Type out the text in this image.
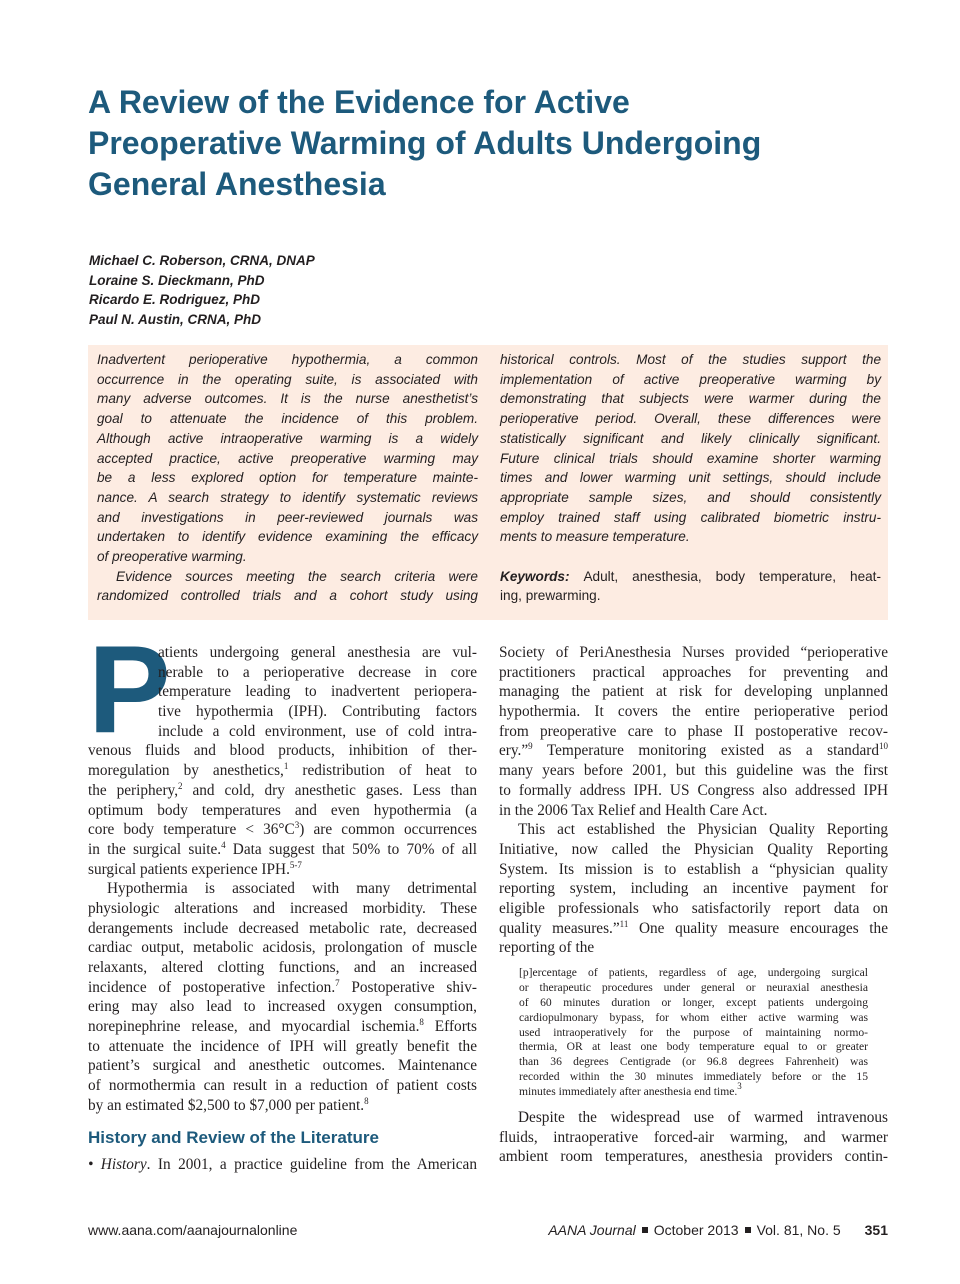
A Review of the Evidence for Active
Preoperative Warming of Adults Undergoing
General Anesthesia
Michael C. Roberson, CRNA, DNAP
Loraine S. Dieckmann, PhD
Ricardo E. Rodriguez, PhD
Paul N. Austin, CRNA, PhD
Inadvertent perioperative hypothermia, a common
occurrence in the operating suite, is associated with
many adverse outcomes. It is the nurse anesthetist’s
goal to attenuate the incidence of this problem.
Although active intraoperative warming is a widely
accepted practice, active preoperative warming may
be a less explored option for temperature mainte-
nance. A search strategy to identify systematic reviews
and investigations in peer-reviewed journals was
undertaken to identify evidence examining the efficacy
of preoperative warming.
Evidence sources meeting the search criteria were
randomized controlled trials and a cohort study using
historical controls. Most of the studies support the
implementation of active preoperative warming by
demonstrating that subjects were warmer during the
perioperative period. Overall, these differences were
statistically significant and likely clinically significant.
Future clinical trials should examine shorter warming
times and lower warming unit settings, should include
appropriate sample sizes, and should consistently
employ trained staff using calibrated biometric instru-
ments to measure temperature.
Keywords: Adult, anesthesia, body temperature, heat-
ing, prewarming.
P
atients undergoing general anesthesia are vul-
nerable to a perioperative decrease in core
temperature leading to inadvertent periopera-
tive hypothermia (IPH). Contributing factors
include a cold environment, use of cold intra-
venous fluids and blood products, inhibition of ther-
moregulation by anesthetics,$^1$ redistribution of heat to
the periphery,$^2$ and cold, dry anesthetic gases. Less than
optimum body temperatures and even hypothermia (a
core body temperature < $36^\circ C^3$) are common occurrences
in the surgical suite.$^4$ Data suggest that 50% to 70% of all
surgical patients experience IPH.$^{5-7}$
Hypothermia is associated with many detrimental
physiologic alterations and increased morbidity. These
derangements include decreased metabolic rate, decreased
cardiac output, metabolic acidosis, prolongation of muscle
relaxants, altered clotting functions, and an increased
incidence of postoperative infection.$^7$ Postoperative shiv-
ering may also lead to increased oxygen consumption,
norepinephrine release, and myocardial ischemia.$^8$ Efforts
to attenuate the incidence of IPH will greatly benefit the
patient’s surgical and anesthetic outcomes. Maintenance
of normothermia can result in a reduction of patient costs
by an estimated $2,500 to $7,000 per patient.$^8$
History and Review of the Literature
• History. In 2001, a practice guideline from the American
Society of PeriAnesthesia Nurses provided “perioperative
practitioners practical approaches for preventing and
managing the patient at risk for developing unplanned
hypothermia. It covers the entire perioperative period
from preoperative care to phase II postoperative recov-
ery.”$^9$ Temperature monitoring existed as a standard$^{10}$
many years before 2001, but this guideline was the first
to formally address IPH. US Congress also addressed IPH
in the 2006 Tax Relief and Health Care Act.
This act established the Physician Quality Reporting
Initiative, now called the Physician Quality Reporting
System. Its mission is to establish a “physician quality
reporting system, including an incentive payment for
eligible professionals who satisfactorily report data on
quality measures.”$^{11}$ One quality measure encourages the
reporting of the
[p]ercentage of patients, regardless of age, undergoing surgical
or therapeutic procedures under general or neuraxial anesthesia
of 60 minutes duration or longer, except patients undergoing
cardiopulmonary bypass, for whom either active warming was
used intraoperatively for the purpose of maintaining normo-
thermia, OR at least one body temperature equal to or greater
than 36 degrees Centigrade (or 96.8 degrees Fahrenheit) was
recorded within the 30 minutes immediately before or the 15
minutes immediately after anesthesia end time.$^3$
Despite the widespread use of warmed intravenous
fluids, intraoperative forced-air warming, and warmer
ambient room temperatures, anesthesia providers contin-
www.aana.com/aanajournalonline	AANA Journal October 2013 Vol. 81, No. 5 351
